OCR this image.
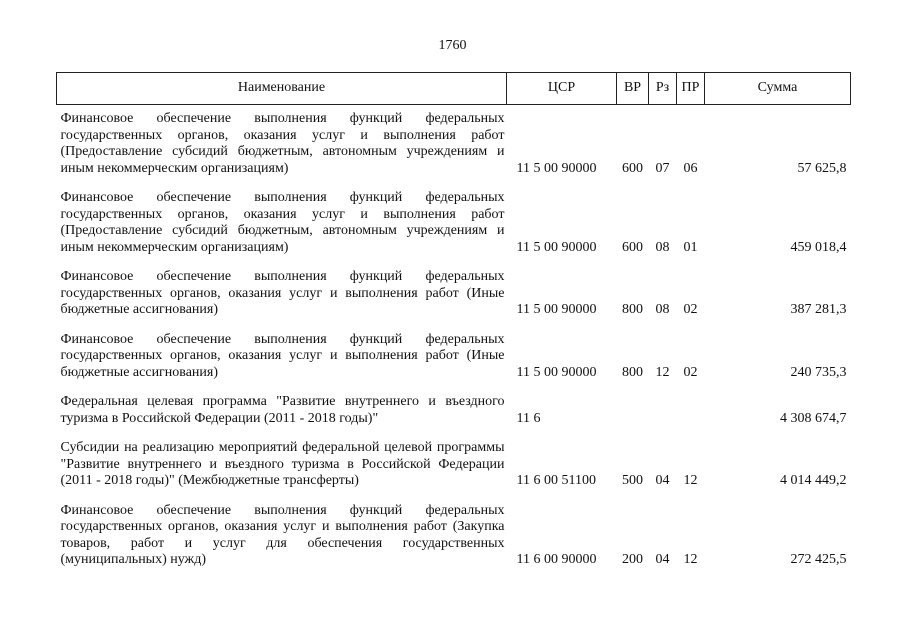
1760
Наименование	ЦСР	ВР	Рз	ПР	Сумма
Финансовое обеспечение выполнения функций федеральных государственных органов, оказания услуг и выполнения работ (Предоставление субсидий бюджетным, автономным учреждениям и иным некоммерческим организациям)	11 5 00 90000	600	07	06	57 625,8
Финансовое обеспечение выполнения функций федеральных государственных органов, оказания услуг и выполнения работ (Предоставление субсидий бюджетным, автономным учреждениям и иным некоммерческим организациям)	11 5 00 90000	600	08	01	459 018,4
Финансовое обеспечение выполнения функций федеральных государственных органов, оказания услуг и выполнения работ (Иные бюджетные ассигнования)	11 5 00 90000	800	08	02	387 281,3
Финансовое обеспечение выполнения функций федеральных государственных органов, оказания услуг и выполнения работ (Иные бюджетные ассигнования)	11 5 00 90000	800	12	02	240 735,3
Федеральная целевая программа "Развитие внутреннего и въездного туризма в Российской Федерации (2011 - 2018 годы)"	11 6				4 308 674,7
Субсидии на реализацию мероприятий федеральной целевой программы "Развитие внутреннего и въездного туризма в Российской Федерации (2011 - 2018 годы)" (Межбюджетные трансферты)	11 6 00 51100	500	04	12	4 014 449,2
Финансовое обеспечение выполнения функций федеральных государственных органов, оказания услуг и выполнения работ (Закупка товаров, работ и услуг для обеспечения государственных (муниципальных) нужд)	11 6 00 90000	200	04	12	272 425,5
